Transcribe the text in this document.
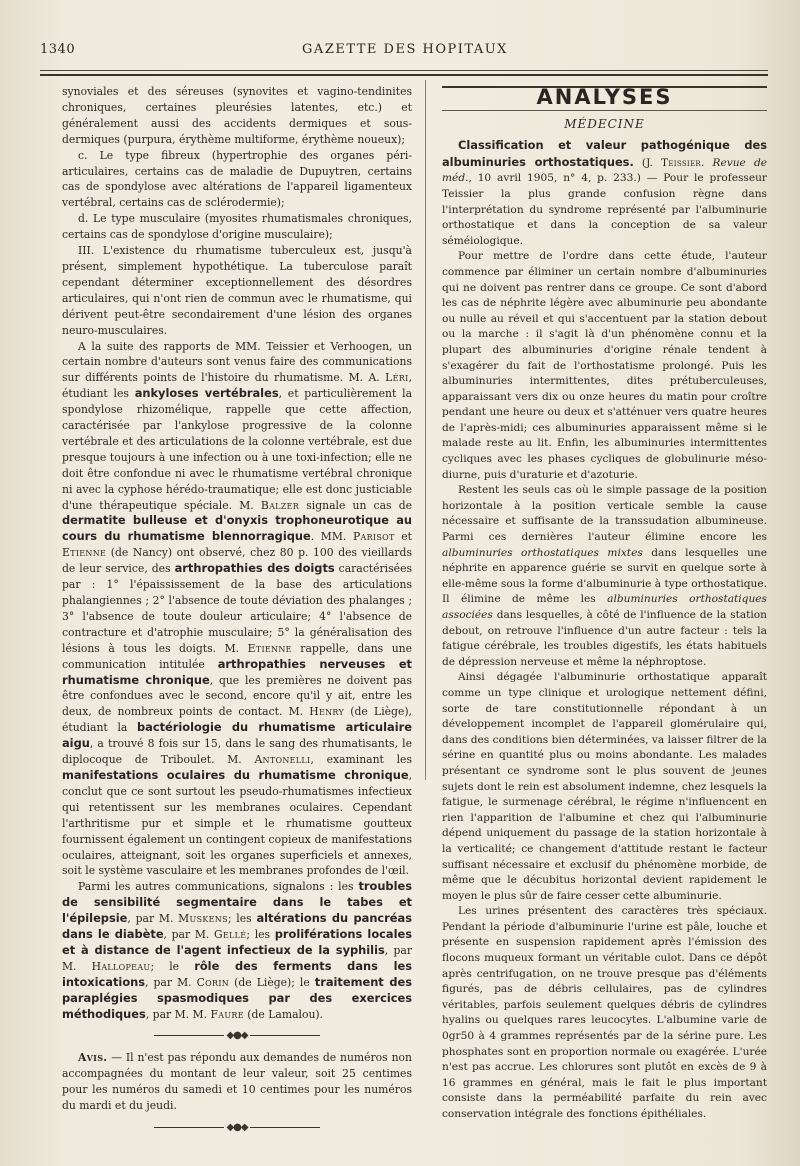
1340	GAZETTE DES HOPITAUX

synoviales et des séreuses (synovites et vagino-tendinites chroniques, certaines pleurésies latentes, etc.) et généralement aussi des accidents dermiques et sous-dermiques (purpura, érythème multiforme, érythème noueux);

c. Le type fibreux (hypertrophie des organes péri-articulaires, certains cas de maladie de Dupuytren, certains cas de spondylose avec altérations de l'appareil ligamenteux vertébral, certains cas de sclérodermie);

d. Le type musculaire (myosites rhumatismales chroniques, certains cas de spondylose d'origine musculaire);

III. L'existence du rhumatisme tuberculeux est, jusqu'à présent, simplement hypothétique. La tuberculose paraît cependant déterminer exceptionnellement des désordres articulaires, qui n'ont rien de commun avec le rhumatisme, qui dérivent peut-être secondairement d'une lésion des organes neuro-musculaires.

A la suite des rapports de MM. Teissier et Verhoogen, un certain nombre d'auteurs sont venus faire des communications sur différents points de l'histoire du rhumatisme. M. A. Léri, étudiant les ankyloses vertébrales, et particulièrement la spondylose rhizomélique, rappelle que cette affection, caractérisée par l'ankylose progressive de la colonne vertébrale et des articulations de la colonne vertébrale, est due presque toujours à une infection ou à une toxi-infection; elle ne doit être confondue ni avec le rhumatisme vertébral chronique ni avec la cyphose hérédo-traumatique; elle est donc justiciable d'une thérapeutique spéciale. M. Balzer signale un cas de dermatite bulleuse et d'onyxis trophoneurotique au cours du rhumatisme blennorragique. MM. Parisot et Etienne (de Nancy) ont observé, chez 80 p. 100 des vieillards de leur service, des arthropathies des doigts caractérisées par : 1° l'épaississement de la base des articulations phalangiennes ; 2° l'absence de toute déviation des phalanges ; 3° l'absence de toute douleur articulaire; 4° l'absence de contracture et d'atrophie musculaire; 5° la généralisation des lésions à tous les doigts. M. Etienne rappelle, dans une communication intitulée arthropathies nerveuses et rhumatisme chronique, que les premières ne doivent pas être confondues avec le second, encore qu'il y ait, entre les deux, de nombreux points de contact. M. Henry (de Liège), étudiant la bactériologie du rhumatisme articulaire aigu, a trouvé 8 fois sur 15, dans le sang des rhumatisants, le diplocoque de Triboulet. M. Antonelli, examinant les manifestations oculaires du rhumatisme chronique, conclut que ce sont surtout les pseudo-rhumatismes infectieux qui retentissent sur les membranes oculaires. Cependant l'arthritisme pur et simple et le rhumatisme goutteux fournissent également un contingent copieux de manifestations oculaires, atteignant, soit les organes superficiels et annexes, soit le système vasculaire et les membranes profondes de l'œil.

Parmi les autres communications, signalons : les troubles de sensibilité segmentaire dans le tabes et l'épilepsie, par M. Muskens; les altérations du pancréas dans le diabète, par M. Gellé; les proliférations locales et à distance de l'agent infectieux de la syphilis, par M. Hallopeau; le rôle des ferments dans les intoxications, par M. Corin (de Liège); le traitement des paraplégies spasmodiques par des exercices méthodiques, par M. M. Faure (de Lamalou).

◆●◆

Avis. — Il n'est pas répondu aux demandes de numéros non accompagnées du montant de leur valeur, soit 25 centimes pour les numéros du samedi et 10 centimes pour les numéros du mardi et du jeudi.

◆●◆
ANALYSES
MÉDECINE

Classification et valeur pathogénique des albuminuries orthostatiques. (J. Teissier. Revue de méd., 10 avril 1905, n° 4, p. 233.) — Pour le professeur Teissier la plus grande confusion règne dans l'interprétation du syndrome représenté par l'albuminurie orthostatique et dans la conception de sa valeur séméiologique.

Pour mettre de l'ordre dans cette étude, l'auteur commence par éliminer un certain nombre d'albuminuries qui ne doivent pas rentrer dans ce groupe. Ce sont d'abord les cas de néphrite légère avec albuminurie peu abondante ou nulle au réveil et qui s'accentuent par la station debout ou la marche : il s'agit là d'un phénomène connu et la plupart des albuminuries d'origine rénale tendent à s'exagérer du fait de l'orthostatisme prolongé. Puis les albuminuries intermittentes, dites prétuberculeuses, apparaissant vers dix ou onze heures du matin pour croître pendant une heure ou deux et s'atténuer vers quatre heures de l'après-midi; ces albuminuries apparaissent même si le malade reste au lit. Enfin, les albuminuries intermittentes cycliques avec les phases cycliques de globulinurie méso-diurne, puis d'uraturie et d'azoturie.

Restent les seuls cas où le simple passage de la position horizontale à la position verticale semble la cause nécessaire et suffisante de la transsudation albumineuse. Parmi ces dernières l'auteur élimine encore les albuminuries orthostatiques mixtes dans lesquelles une néphrite en apparence guérie se survit en quelque sorte à elle-même sous la forme d'albuminurie à type orthostatique. Il élimine de même les albuminuries orthostatiques associées dans lesquelles, à côté de l'influence de la station debout, on retrouve l'influence d'un autre facteur : tels la fatigue cérébrale, les troubles digestifs, les états habituels de dépression nerveuse et même la néphroptose.

Ainsi dégagée l'albuminurie orthostatique apparaît comme un type clinique et urologique nettement défini, sorte de tare constitutionnelle répondant à un développement incomplet de l'appareil glomérulaire qui, dans des conditions bien déterminées, va laisser filtrer de la sérine en quantité plus ou moins abondante. Les malades présentant ce syndrome sont le plus souvent de jeunes sujets dont le rein est absolument indemne, chez lesquels la fatigue, le surmenage cérébral, le régime n'influencent en rien l'apparition de l'albumine et chez qui l'albuminurie dépend uniquement du passage de la station horizontale à la verticalité; ce changement d'attitude restant le facteur suffisant nécessaire et exclusif du phénomène morbide, de même que le décubitus horizontal devient rapidement le moyen le plus sûr de faire cesser cette albuminurie.

Les urines présentent des caractères très spéciaux. Pendant la période d'albuminurie l'urine est pâle, louche et présente en suspension rapidement après l'émission des flocons muqueux formant un véritable culot. Dans ce dépôt après centrifugation, on ne trouve presque pas d'éléments figurés, pas de débris cellulaires, pas de cylindres véritables, parfois seulement quelques débris de cylindres hyalins ou quelques rares leucocytes. L'albumine varie de 0gr50 à 4 grammes représentés par de la sérine pure. Les phosphates sont en proportion normale ou exagérée. L'urée n'est pas accrue. Les chlorures sont plutôt en excès de 9 à 16 grammes en général, mais le fait le plus important consiste dans la perméabilité parfaite du rein avec conservation intégrale des fonctions épithéliales.
